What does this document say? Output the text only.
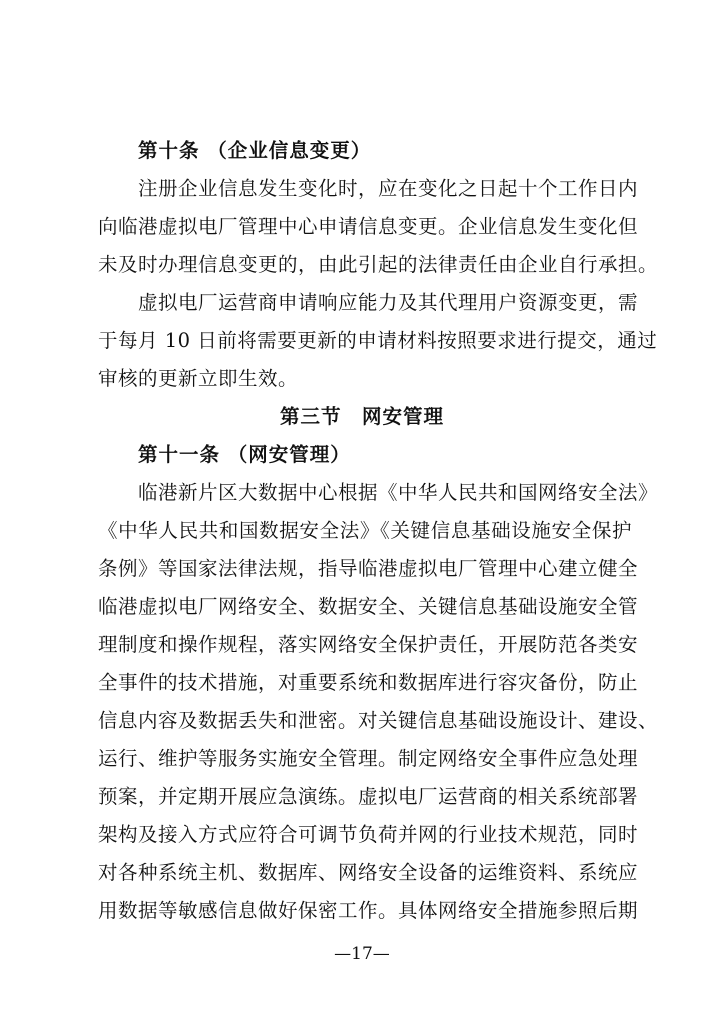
第十条 （企业信息变更）
注册企业信息发生变化时，应在变化之日起十个工作日内
向临港虚拟电厂管理中心申请信息变更。企业信息发生变化但
未及时办理信息变更的，由此引起的法律责任由企业自行承担。
虚拟电厂运营商申请响应能力及其代理用户资源变更，需
于每月 10 日前将需要更新的申请材料按照要求进行提交，通过
审核的更新立即生效。
第三节　网安管理
第十一条 （网安管理）
临港新片区大数据中心根据《中华人民共和国网络安全法》
《中华人民共和国数据安全法》《关键信息基础设施安全保护
条例》等国家法律法规，指导临港虚拟电厂管理中心建立健全
临港虚拟电厂网络安全、数据安全、关键信息基础设施安全管
理制度和操作规程，落实网络安全保护责任，开展防范各类安
全事件的技术措施，对重要系统和数据库进行容灾备份，防止
信息内容及数据丢失和泄密。对关键信息基础设施设计、建设、
运行、维护等服务实施安全管理。制定网络安全事件应急处理
预案，并定期开展应急演练。虚拟电厂运营商的相关系统部署
架构及接入方式应符合可调节负荷并网的行业技术规范，同时
对各种系统主机、数据库、网络安全设备的运维资料、系统应
用数据等敏感信息做好保密工作。具体网络安全措施参照后期
—17—
